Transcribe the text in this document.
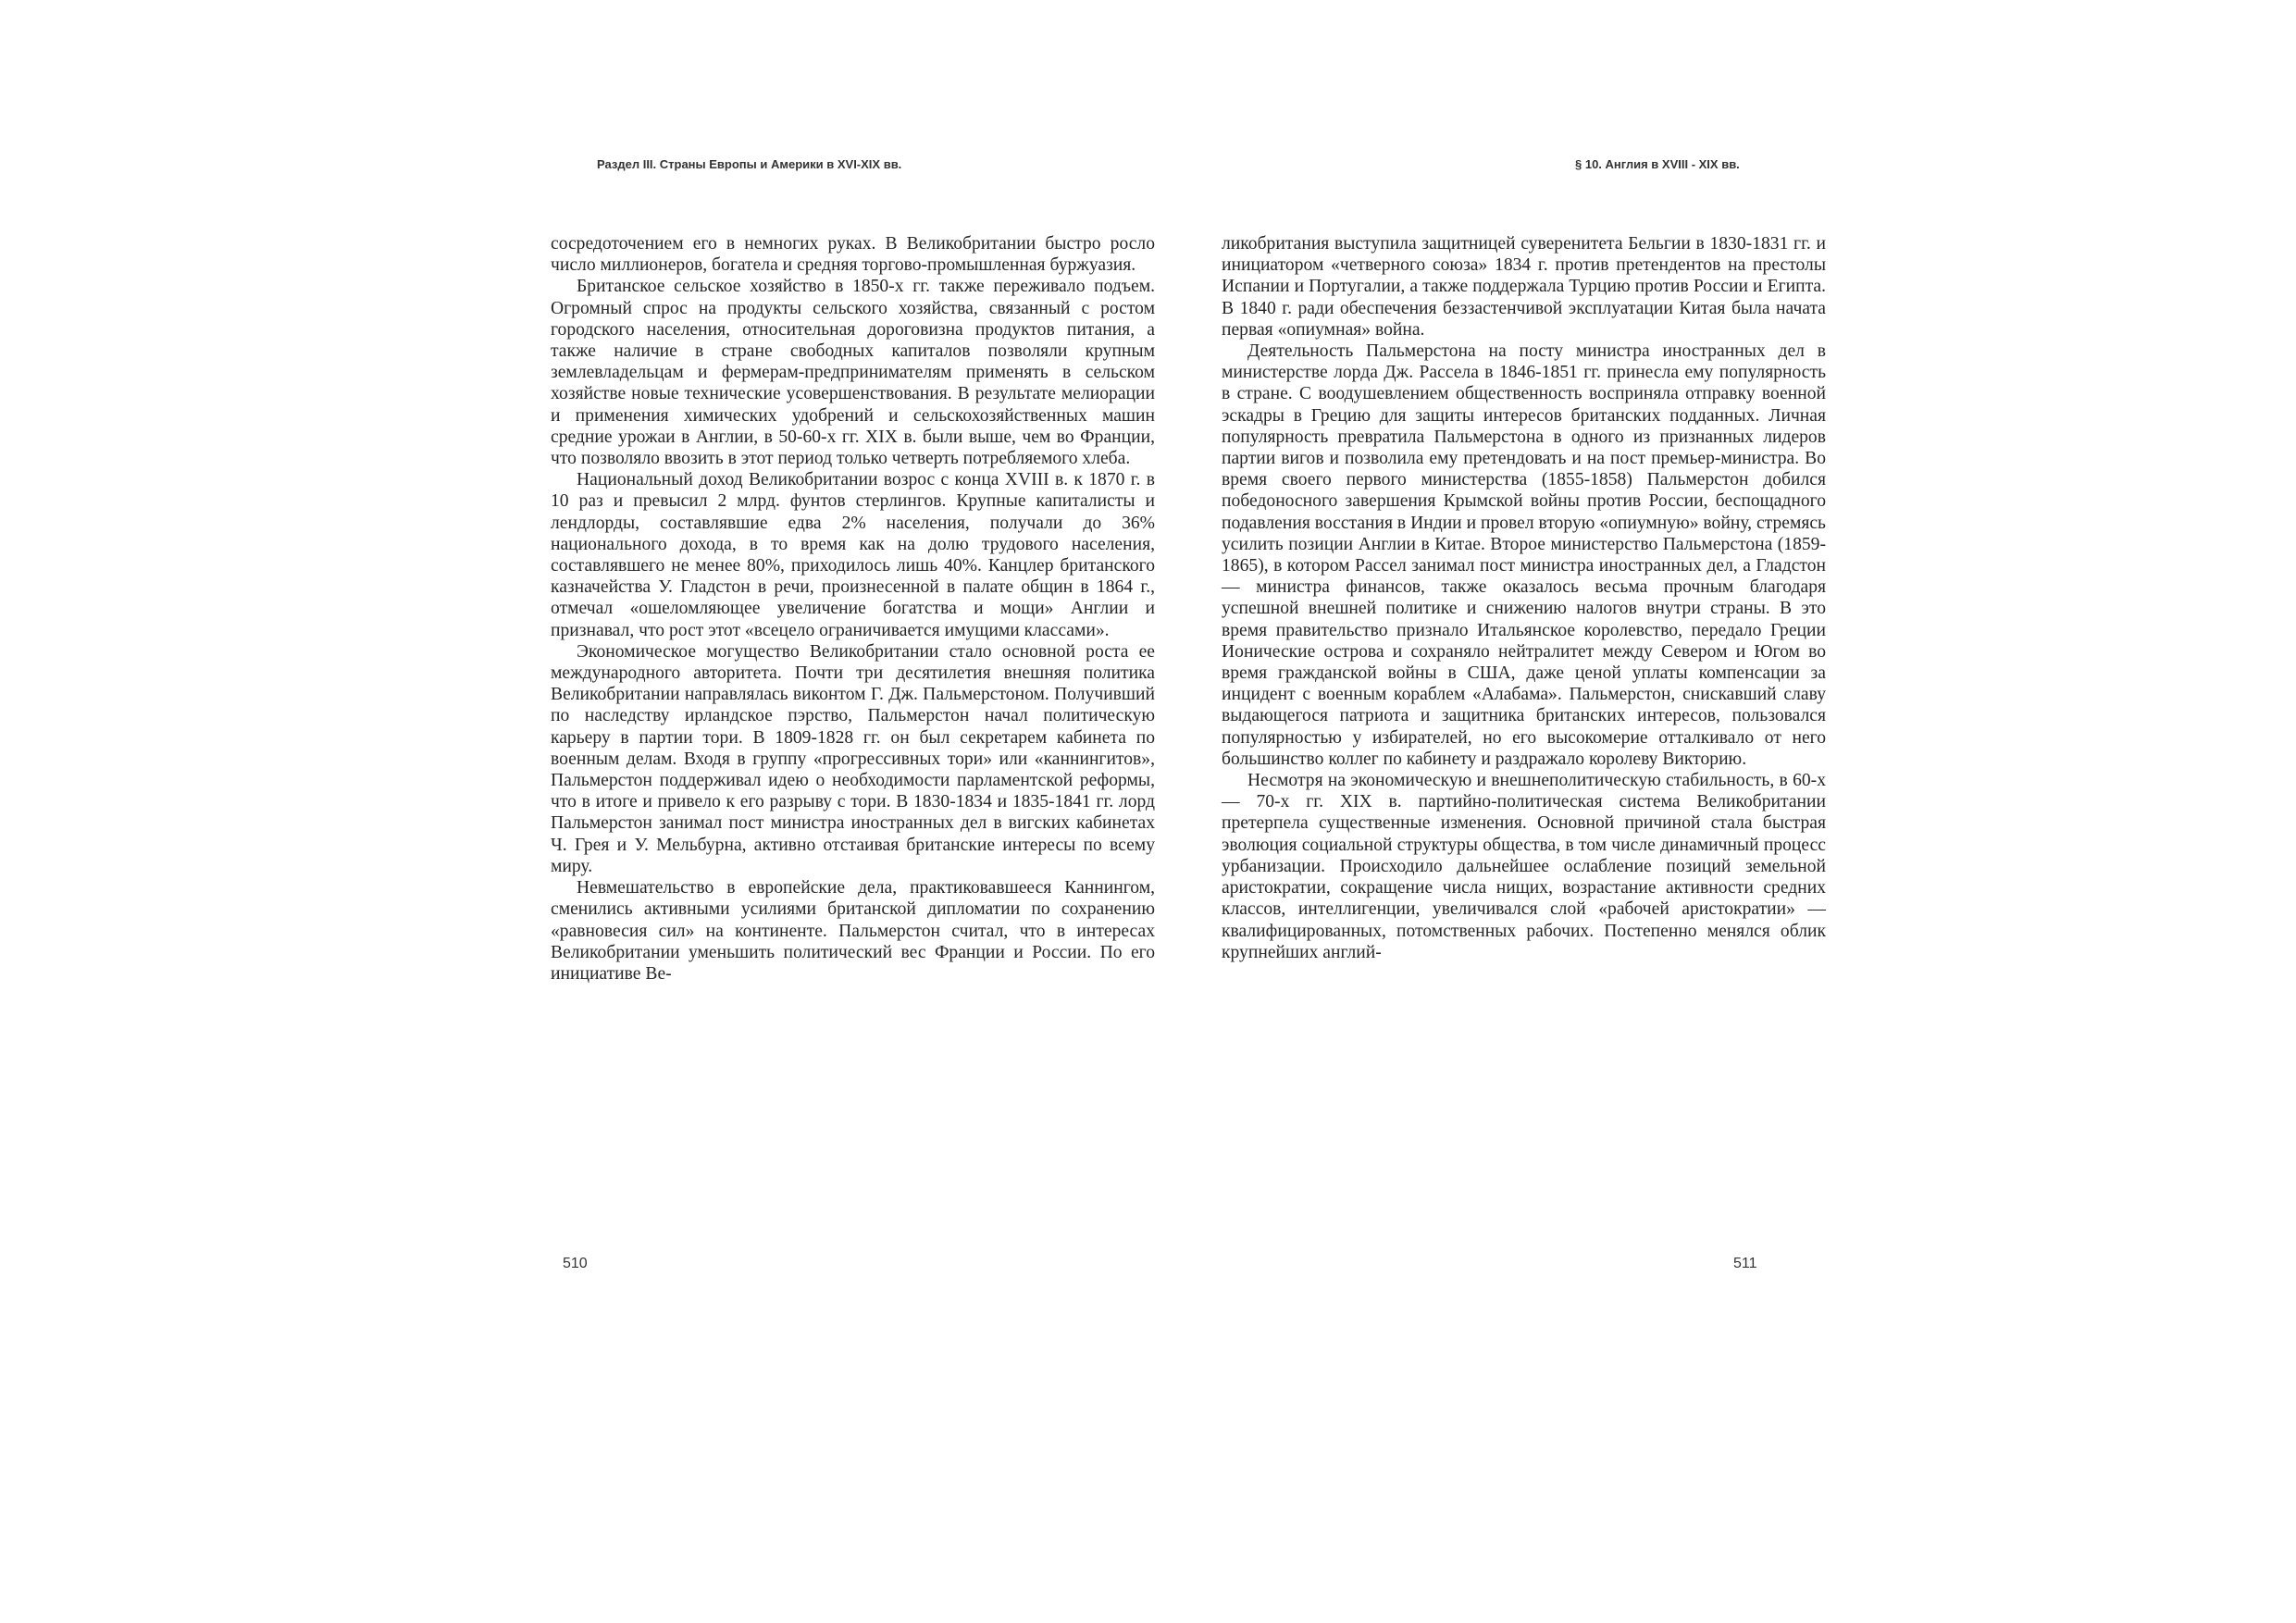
Раздел III. Страны Европы и Америки в XVI-XIX вв.	§ 10. Англия в XVIII - XIX вв.

сосредоточением его в немногих руках. В Великобритании быстро росло число миллионеров, богатела и средняя торгово-промышленная буржуазия.

Британское сельское хозяйство в 1850-х гг. также переживало подъем. Огромный спрос на продукты сельского хозяйства, связанный с ростом городского населения, относительная дороговизна продуктов питания, а также наличие в стране свободных капиталов позволяли крупным землевладельцам и фермерам-предпринимателям применять в сельском хозяйстве новые технические усовершенствования. В результате мелиорации и применения химических удобрений и сельскохозяйственных машин средние урожаи в Англии, в 50-60-х гг. XIX в. были выше, чем во Франции, что позволяло ввозить в этот период только четверть потребляемого хлеба.

Национальный доход Великобритании возрос с конца XVIII в. к 1870 г. в 10 раз и превысил 2 млрд. фунтов стерлингов. Крупные капиталисты и лендлорды, составлявшие едва 2% населения, получали до 36% национального дохода, в то время как на долю трудового населения, составлявшего не менее 80%, приходилось лишь 40%. Канцлер британского казначейства У. Гладстон в речи, произнесенной в палате общин в 1864 г., отмечал «ошеломляющее увеличение богатства и мощи» Англии и признавал, что рост этот «всецело ограничивается имущими классами».

Экономическое могущество Великобритании стало основной роста ее международного авторитета. Почти три десятилетия внешняя политика Великобритании направлялась виконтом Г. Дж. Пальмерстоном. Получивший по наследству ирландское пэрство, Пальмерстон начал политическую карьеру в партии тори. В 1809-1828 гг. он был секретарем кабинета по военным делам. Входя в группу «прогрессивных тори» или «каннингитов», Пальмерстон поддерживал идею о необходимости парламентской реформы, что в итоге и привело к его разрыву с тори. В 1830-1834 и 1835-1841 гг. лорд Пальмерстон занимал пост министра иностранных дел в вигских кабинетах Ч. Грея и У. Мельбурна, активно отстаивая британские интересы по всему миру.

Невмешательство в европейские дела, практиковавшееся Каннингом, сменились активными усилиями британской дипломатии по сохранению «равновесия сил» на континенте. Пальмерстон считал, что в интересах Великобритании уменьшить политический вес Франции и России. По его инициативе Ве-

ликобритания выступила защитницей суверенитета Бельгии в 1830-1831 гг. и инициатором «четверного союза» 1834 г. против претендентов на престолы Испании и Португалии, а также поддержала Турцию против России и Египта. В 1840 г. ради обеспечения беззастенчивой эксплуатации Китая была начата первая «опиумная» война.

Деятельность Пальмерстона на посту министра иностранных дел в министерстве лорда Дж. Рассела в 1846-1851 гг. принесла ему популярность в стране. С воодушевлением общественность восприняла отправку военной эскадры в Грецию для защиты интересов британских подданных. Личная популярность превратила Пальмерстона в одного из признанных лидеров партии вигов и позволила ему претендовать и на пост премьер-министра. Во время своего первого министерства (1855-1858) Пальмерстон добился победоносного завершения Крымской войны против России, беспощадного подавления восстания в Индии и провел вторую «опиумную» войну, стремясь усилить позиции Англии в Китае. Второе министерство Пальмерстона (1859-1865), в котором Рассел занимал пост министра иностранных дел, а Гладстон — министра финансов, также оказалось весьма прочным благодаря успешной внешней политике и снижению налогов внутри страны. В это время правительство признало Итальянское королевство, передало Греции Ионические острова и сохраняло нейтралитет между Севером и Югом во время гражданской войны в США, даже ценой уплаты компенсации за инцидент с военным кораблем «Алабама». Пальмерстон, снискавший славу выдающегося патриота и защитника британских интересов, пользовался популярностью у избирателей, но его высокомерие отталкивало от него большинство коллег по кабинету и раздражало королеву Викторию.

Несмотря на экономическую и внешнеполитическую стабильность, в 60-х — 70-х гг. XIX в. партийно-политическая система Великобритании претерпела существенные изменения. Основной причиной стала быстрая эволюция социальной структуры общества, в том числе динамичный процесс урбанизации. Происходило дальнейшее ослабление позиций земельной аристократии, сокращение числа нищих, возрастание активности средних классов, интеллигенции, увеличивался слой «рабочей аристократии» — квалифицированных, потомственных рабочих. Постепенно менялся облик крупнейших англий-

510	511
